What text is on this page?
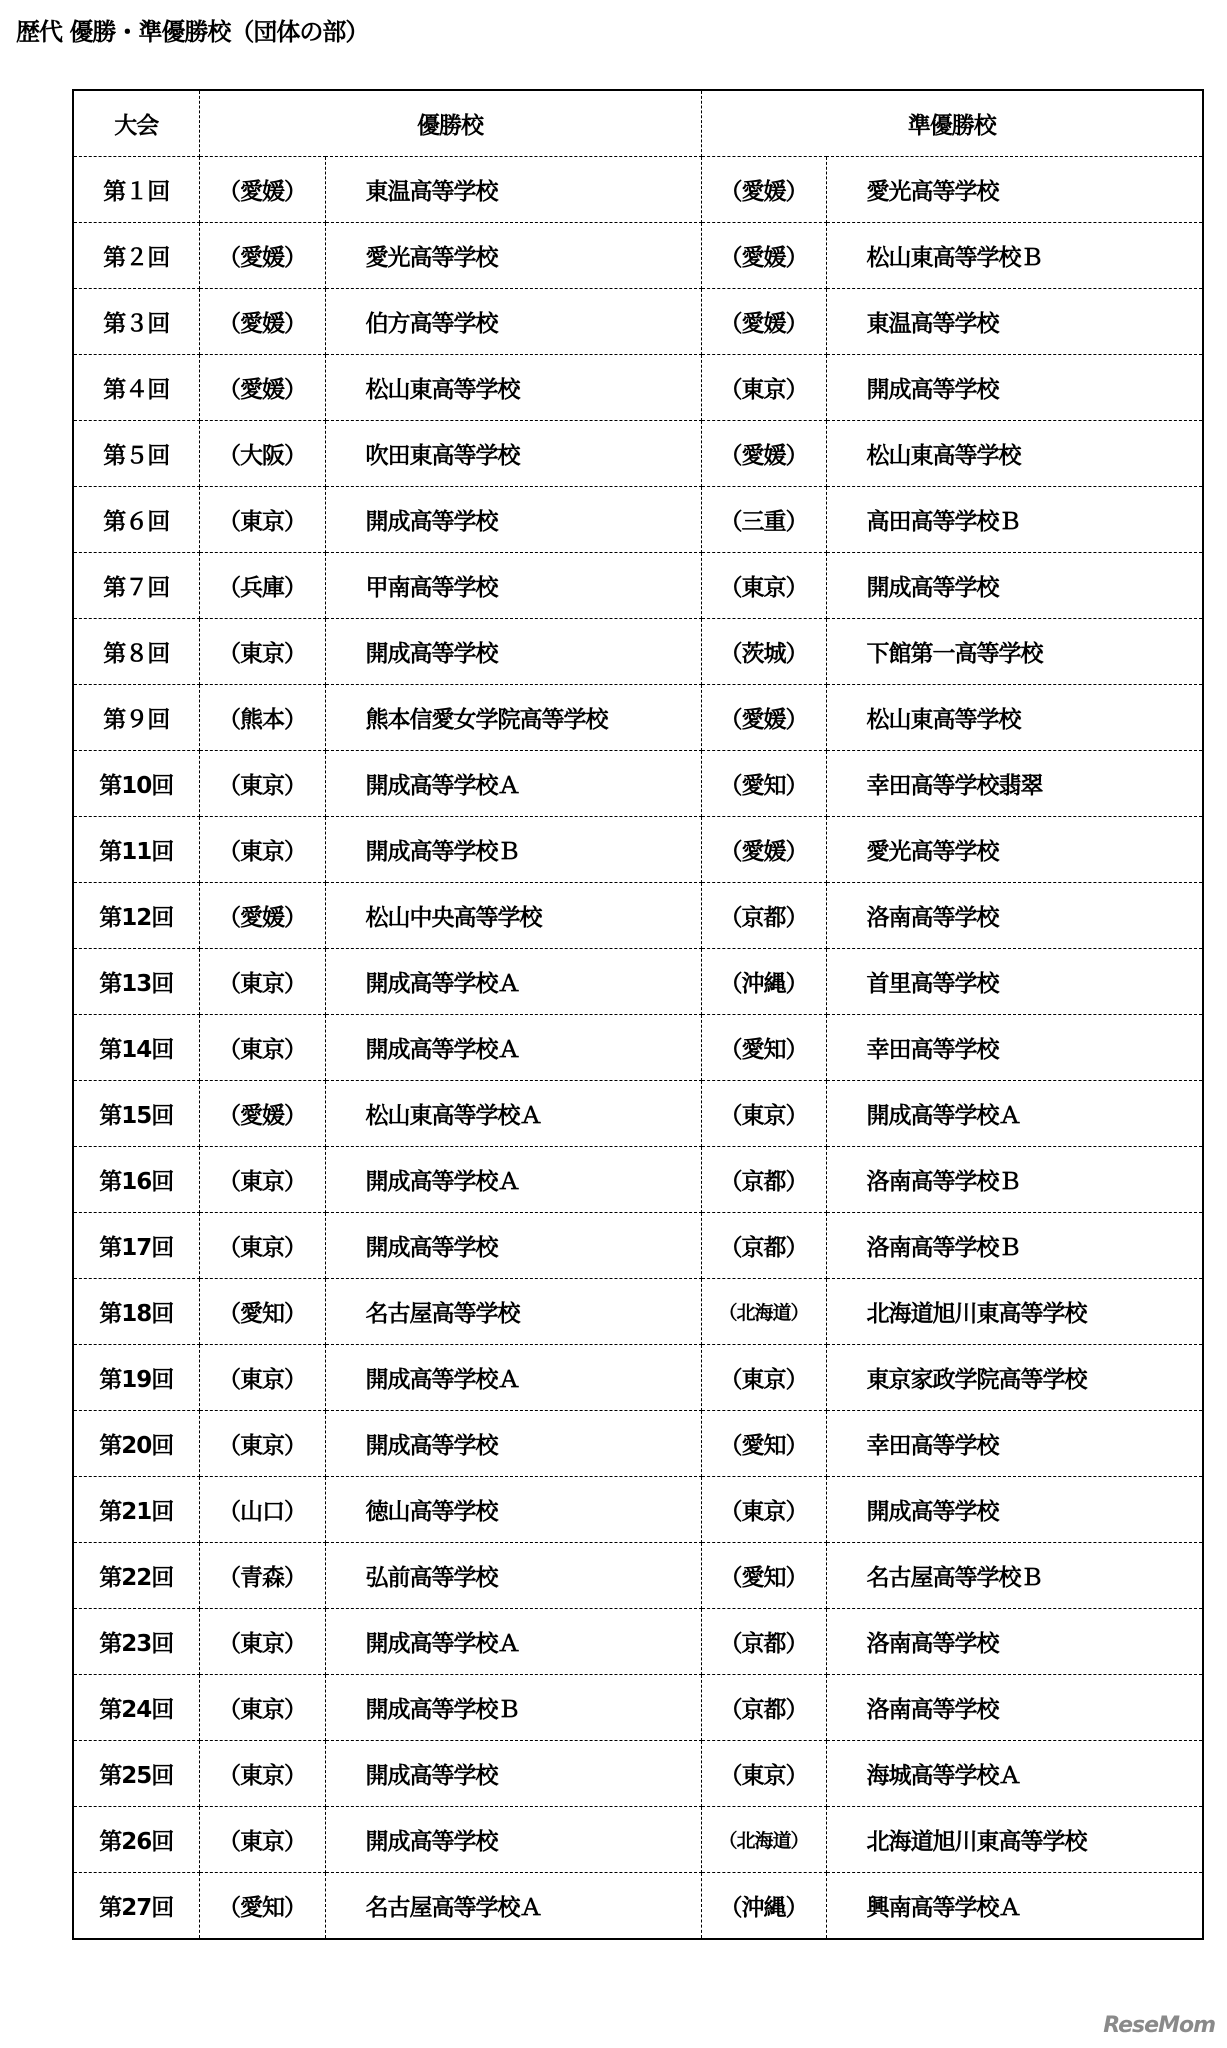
歴代 優勝・準優勝校（団体の部）
大会	優勝校		準優勝校	
第１回	（愛媛）	東温高等学校	（愛媛）	愛光高等学校
第２回	（愛媛）	愛光高等学校	（愛媛）	松山東高等学校Ｂ
第３回	（愛媛）	伯方高等学校	（愛媛）	東温高等学校
第４回	（愛媛）	松山東高等学校	（東京）	開成高等学校
第５回	（大阪）	吹田東高等学校	（愛媛）	松山東高等学校
第６回	（東京）	開成高等学校	（三重）	高田高等学校Ｂ
第７回	（兵庫）	甲南高等学校	（東京）	開成高等学校
第８回	（東京）	開成高等学校	（茨城）	下館第一高等学校
第９回	（熊本）	熊本信愛女学院高等学校	（愛媛）	松山東高等学校
第10回	（東京）	開成高等学校Ａ	（愛知）	幸田高等学校翡翠
第11回	（東京）	開成高等学校Ｂ	（愛媛）	愛光高等学校
第12回	（愛媛）	松山中央高等学校	（京都）	洛南高等学校
第13回	（東京）	開成高等学校Ａ	（沖縄）	首里高等学校
第14回	（東京）	開成高等学校Ａ	（愛知）	幸田高等学校
第15回	（愛媛）	松山東高等学校Ａ	（東京）	開成高等学校Ａ
第16回	（東京）	開成高等学校Ａ	（京都）	洛南高等学校Ｂ
第17回	（東京）	開成高等学校	（京都）	洛南高等学校Ｂ
第18回	（愛知）	名古屋高等学校	（北海道）	北海道旭川東高等学校
第19回	（東京）	開成高等学校Ａ	（東京）	東京家政学院高等学校
第20回	（東京）	開成高等学校	（愛知）	幸田高等学校
第21回	（山口）	徳山高等学校	（東京）	開成高等学校
第22回	（青森）	弘前高等学校	（愛知）	名古屋高等学校Ｂ
第23回	（東京）	開成高等学校Ａ	（京都）	洛南高等学校
第24回	（東京）	開成高等学校Ｂ	（京都）	洛南高等学校
第25回	（東京）	開成高等学校	（東京）	海城高等学校Ａ
第26回	（東京）	開成高等学校	（北海道）	北海道旭川東高等学校
第27回	（愛知）	名古屋高等学校Ａ	（沖縄）	興南高等学校Ａ
ReseMom
